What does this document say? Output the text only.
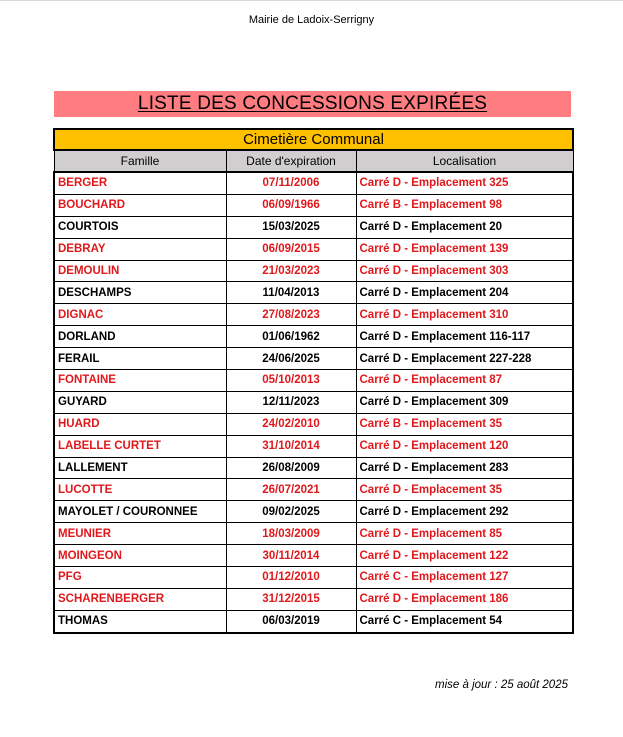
Mairie de Ladoix-Serrigny
LISTE DES CONCESSIONS EXPIRÉES
Cimetière Communal		
Famille	Date d'expiration	Localisation
BERGER	07/11/2006	Carré D - Emplacement 325
BOUCHARD	06/09/1966	Carré B - Emplacement 98
COURTOIS	15/03/2025	Carré D - Emplacement 20
DEBRAY	06/09/2015	Carré D - Emplacement 139
DEMOULIN	21/03/2023	Carré D - Emplacement 303
DESCHAMPS	11/04/2013	Carré D - Emplacement 204
DIGNAC	27/08/2023	Carré D - Emplacement 310
DORLAND	01/06/1962	Carré D - Emplacement 116-117
FERAIL	24/06/2025	Carré D - Emplacement 227-228
FONTAINE	05/10/2013	Carré D - Emplacement 87
GUYARD	12/11/2023	Carré D - Emplacement 309
HUARD	24/02/2010	Carré B - Emplacement 35
LABELLE CURTET	31/10/2014	Carré D - Emplacement 120
LALLEMENT	26/08/2009	Carré D - Emplacement 283
LUCOTTE	26/07/2021	Carré D - Emplacement 35
MAYOLET / COURONNEE	09/02/2025	Carré D - Emplacement 292
MEUNIER	18/03/2009	Carré D - Emplacement 85
MOINGEON	30/11/2014	Carré D - Emplacement 122
PFG	01/12/2010	Carré C - Emplacement 127
SCHARENBERGER	31/12/2015	Carré D - Emplacement 186
THOMAS	06/03/2019	Carré C - Emplacement 54
mise à jour : 25 août 2025
